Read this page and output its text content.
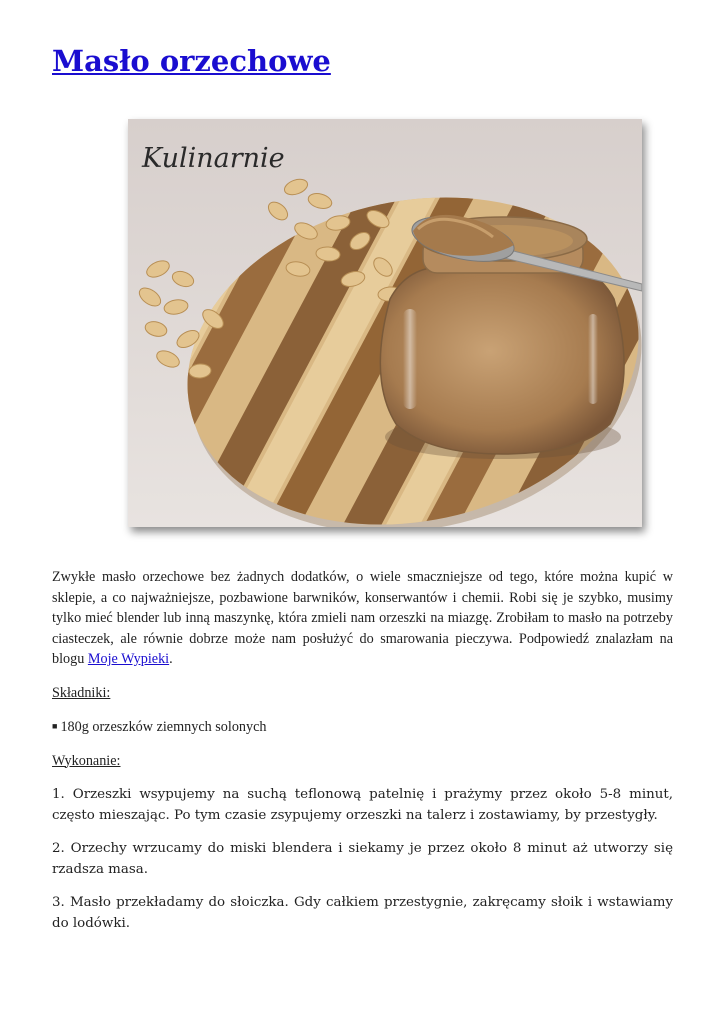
Masło orzechowe
Kulinarnie

Zwykłe masło orzechowe bez żadnych dodatków, o wiele smaczniejsze od tego, które można kupić w sklepie, a co najważniejsze, pozbawione barwników, konserwantów i chemii. Robi się je szybko, musimy tylko mieć blender lub inną maszynkę, która zmieli nam orzeszki na miazgę. Zrobiłam to masło na potrzeby ciasteczek, ale równie dobrze może nam posłużyć do smarowania pieczywa. Podpowiedź znalazłam na blogu Moje Wypieki.

Składniki:

■ 180g orzeszków ziemnych solonych

Wykonanie:

1. Orzeszki wsypujemy na suchą teflonową patelnię i prażymy przez około 5-8 minut, często mieszając. Po tym czasie zsypujemy orzeszki na talerz i zostawiamy, by przestygły.

2. Orzechy wrzucamy do miski blendera i siekamy je przez około 8 minut aż utworzy się rzadsza masa.

3. Masło przekładamy do słoiczka. Gdy całkiem przestygnie, zakręcamy słoik i wstawiamy do lodówki.
